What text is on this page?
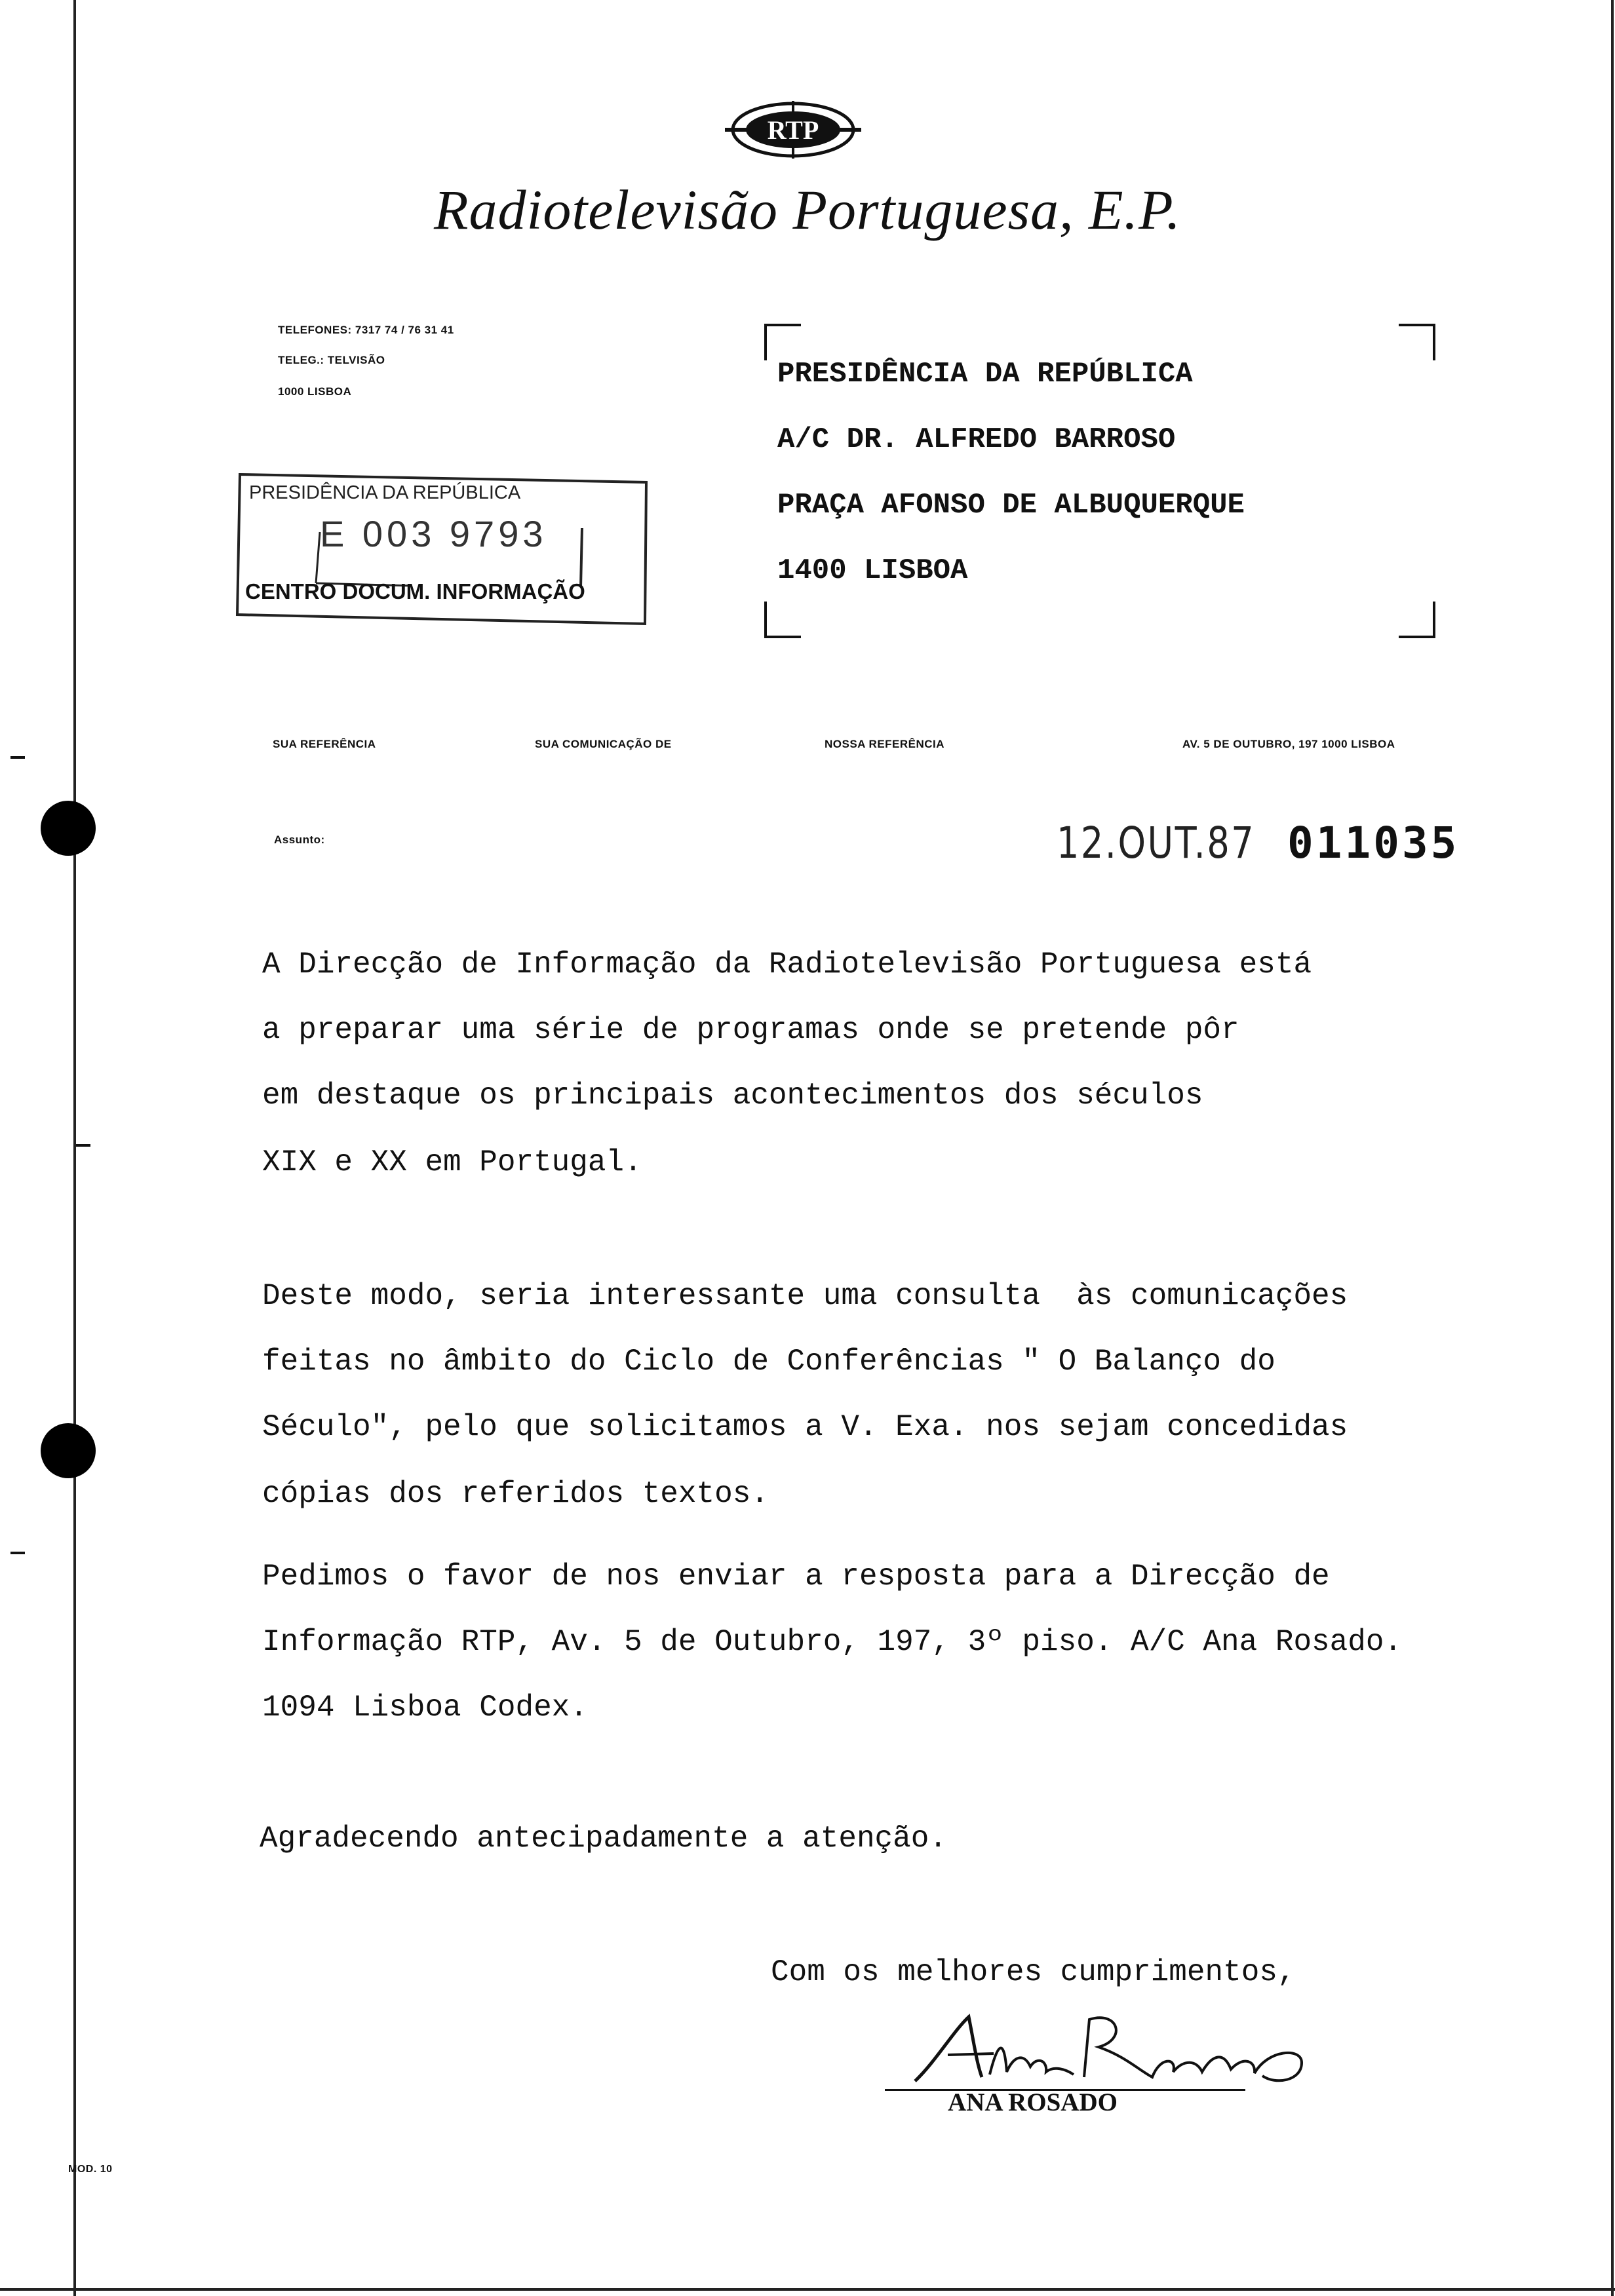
RTP
Radiotelevisão Portuguesa, E.P.
TELEFONES: 7317 74 / 76 31 41
TELEG.: TELVISÃO
1000 LISBOA
PRESIDÊNCIA DA REPÚBLICA
E 003 9793
CENTRO DOCUM. INFORMAÇÃO
PRESIDÊNCIA DA REPÚBLICA
A/C DR. ALFREDO BARROSO
PRAÇA AFONSO DE ALBUQUERQUE
1400 LISBOA
SUA REFERÊNCIA	SUA COMUNICAÇÃO DE	NOSSA REFERÊNCIA	AV. 5 DE OUTUBRO, 197 1000 LISBOA
Assunto:	12.OUT.87 011035
A Direcção de Informação da Radiotelevisão Portuguesa está
a preparar uma série de programas onde se pretende pôr
em destaque os principais acontecimentos dos séculos
XIX e XX em Portugal.
Deste modo, seria interessante uma consulta  às comunicações
feitas no âmbito do Ciclo de Conferências " O Balanço do
Século", pelo que solicitamos a V. Exa. nos sejam concedidas
cópias dos referidos textos.
Pedimos o favor de nos enviar a resposta para a Direcção de
Informação RTP, Av. 5 de Outubro, 197, 3º piso. A/C Ana Rosado.
1094 Lisboa Codex.
Agradecendo antecipadamente a atenção.
Com os melhores cumprimentos,
ANA ROSADO
MOD. 10
